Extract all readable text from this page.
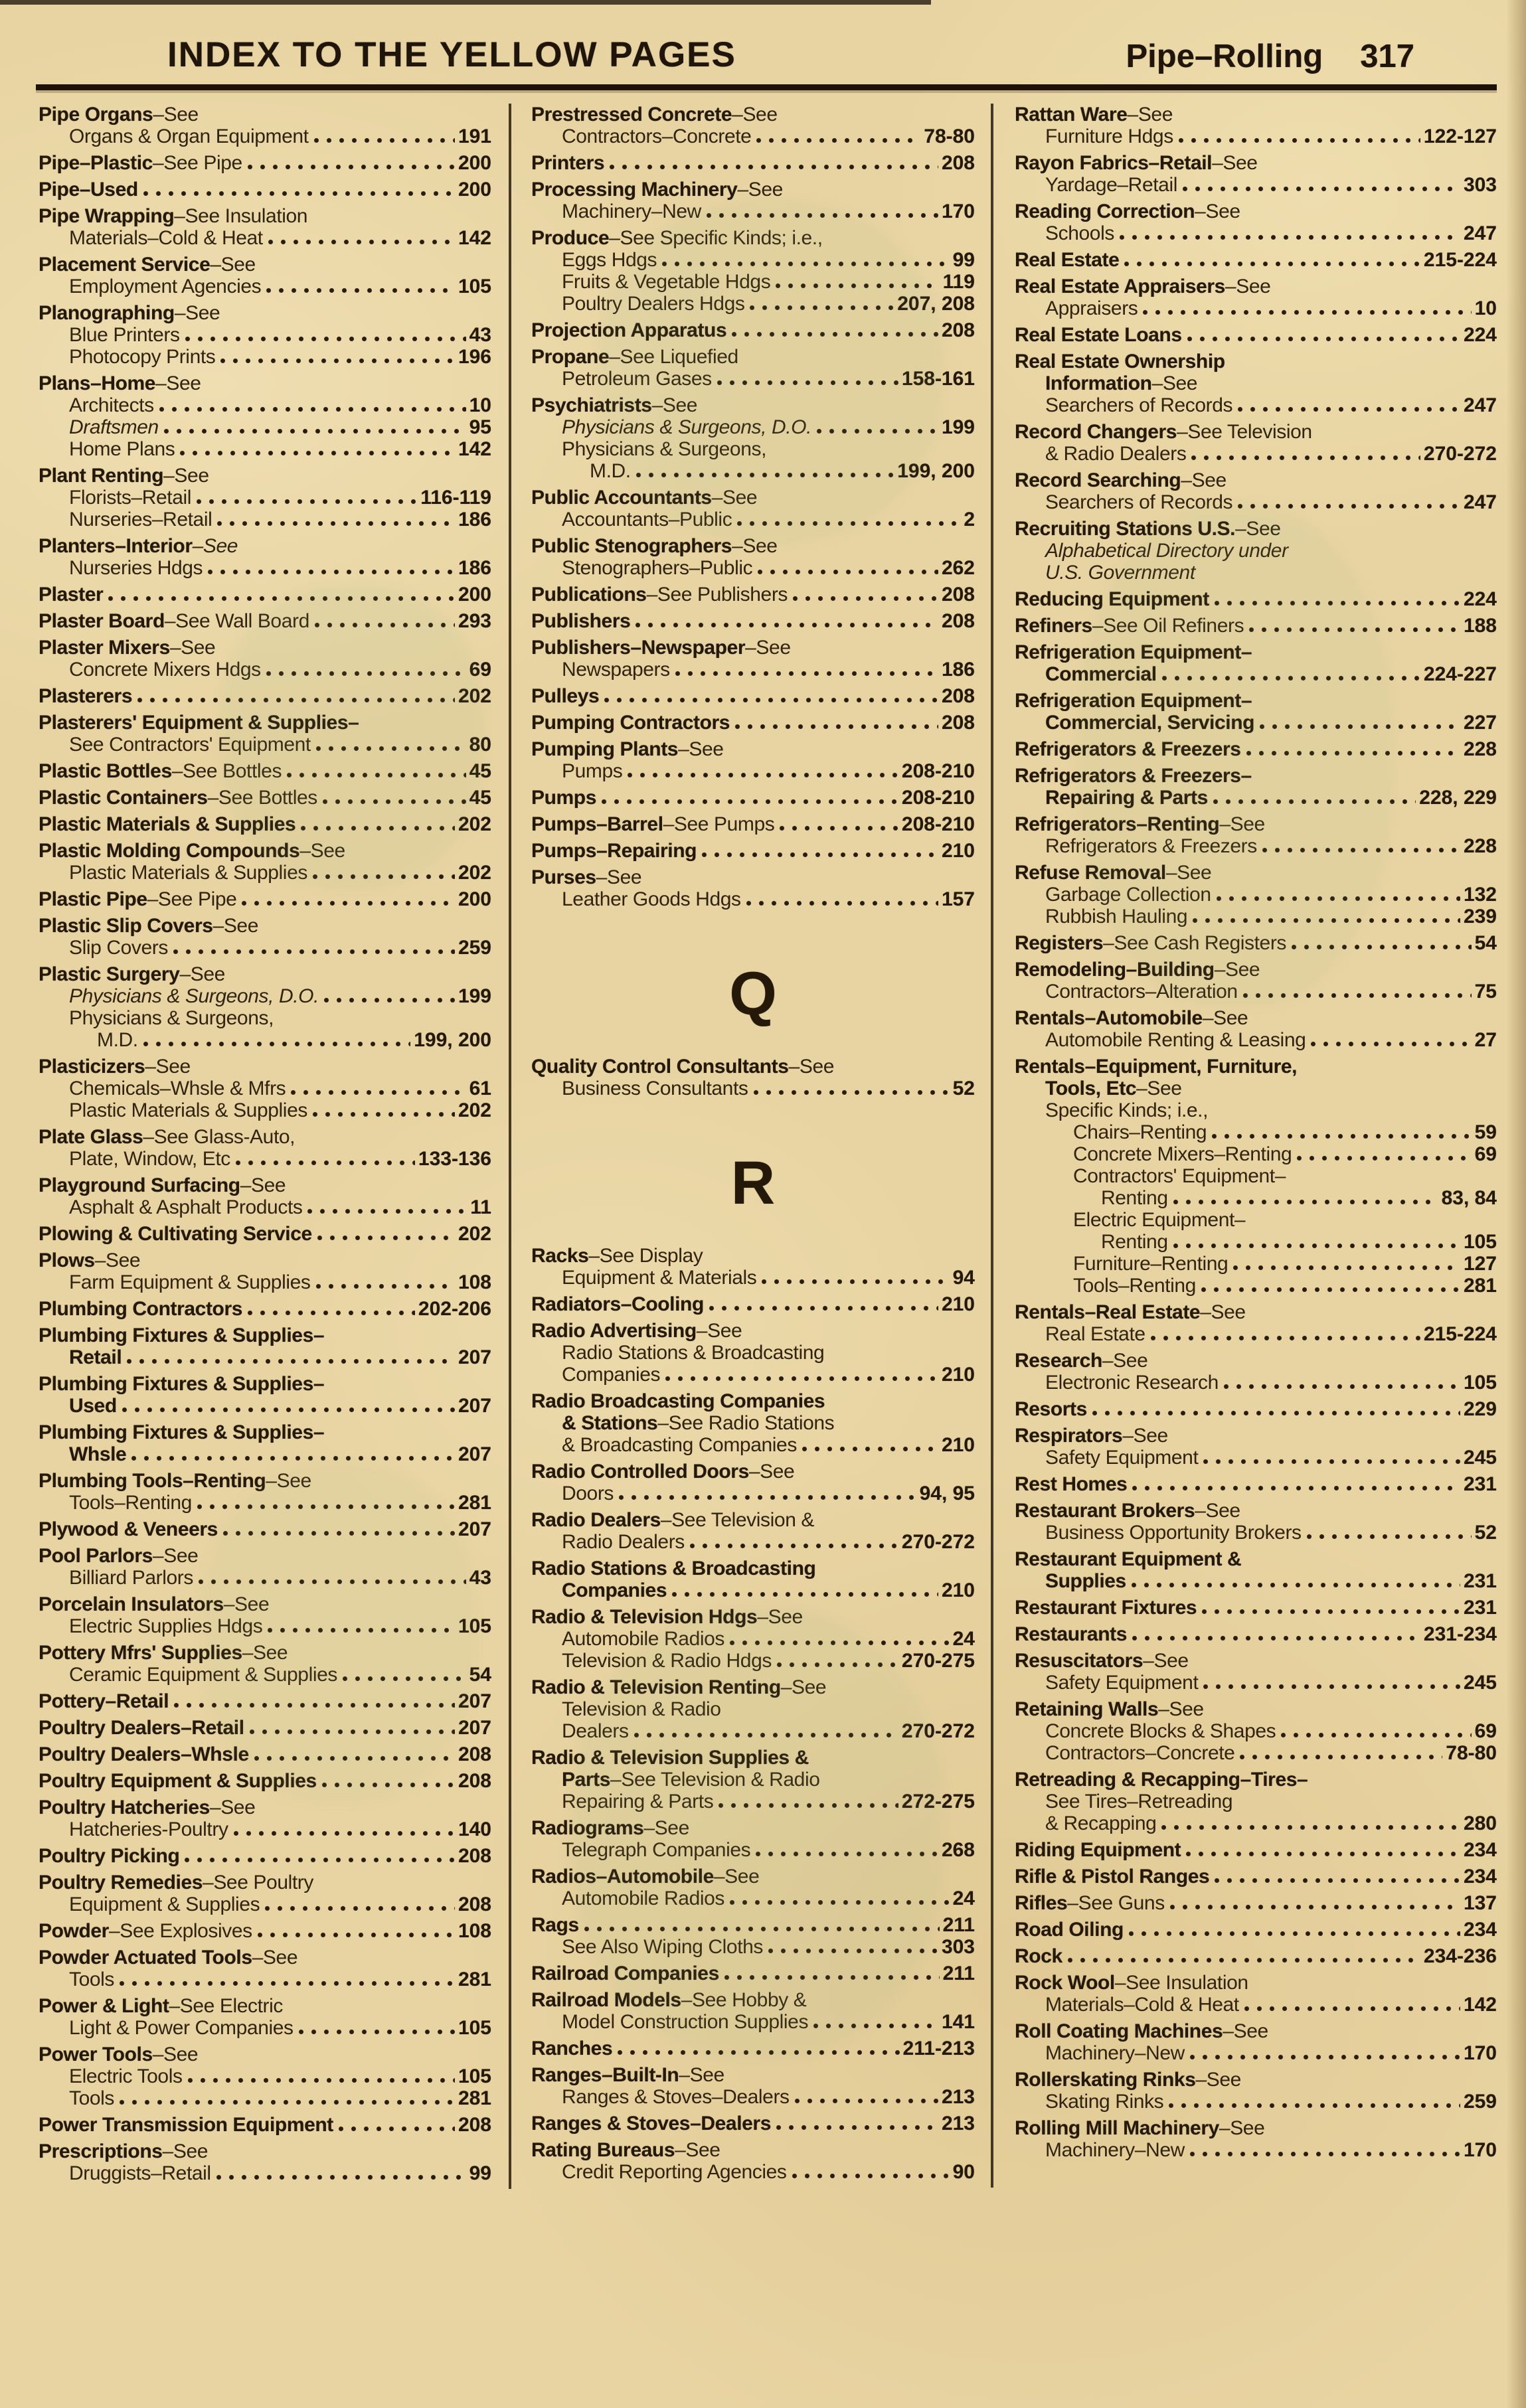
INDEX TO THE YELLOW PAGES	Pipe–Rolling 317
Pipe Organs–See
Organs & Organ Equipment	191
Pipe–Plastic–See Pipe	200
Pipe–Used	200
Pipe Wrapping–See Insulation
Materials–Cold & Heat	142
Placement Service–See
Employment Agencies	105
Planographing–See
Blue Printers	43
Photocopy Prints	196
Plans–Home–See
Architects	10
Draftsmen	95
Home Plans	142
Plant Renting–See
Florists–Retail	116-119
Nurseries–Retail	186
Planters–Interior–See
Nurseries Hdgs	186
Plaster	200
Plaster Board–See Wall Board	293
Plaster Mixers–See
Concrete Mixers Hdgs	69
Plasterers	202
Plasterers' Equipment & Supplies–
See Contractors' Equipment	80
Plastic Bottles–See Bottles	45
Plastic Containers–See Bottles	45
Plastic Materials & Supplies	202
Plastic Molding Compounds–See
Plastic Materials & Supplies	202
Plastic Pipe–See Pipe	200
Plastic Slip Covers–See
Slip Covers	259
Plastic Surgery–See
Physicians & Surgeons, D.O.	199
Physicians & Surgeons,
M.D.	199, 200
Plasticizers–See
Chemicals–Whsle & Mfrs	61
Plastic Materials & Supplies	202
Plate Glass–See Glass-Auto,
Plate, Window, Etc	133-136
Playground Surfacing–See
Asphalt & Asphalt Products	11
Plowing & Cultivating Service	202
Plows–See
Farm Equipment & Supplies	108
Plumbing Contractors	202-206
Plumbing Fixtures & Supplies–
Retail	207
Plumbing Fixtures & Supplies–
Used	207
Plumbing Fixtures & Supplies–
Whsle	207
Plumbing Tools–Renting–See
Tools–Renting	281
Plywood & Veneers	207
Pool Parlors–See
Billiard Parlors	43
Porcelain Insulators–See
Electric Supplies Hdgs	105
Pottery Mfrs' Supplies–See
Ceramic Equipment & Supplies	54
Pottery–Retail	207
Poultry Dealers–Retail	207
Poultry Dealers–Whsle	208
Poultry Equipment & Supplies	208
Poultry Hatcheries–See
Hatcheries-Poultry	140
Poultry Picking	208
Poultry Remedies–See Poultry
Equipment & Supplies	208
Powder–See Explosives	108
Powder Actuated Tools–See
Tools	281
Power & Light–See Electric
Light & Power Companies	105
Power Tools–See
Electric Tools	105
Tools	281
Power Transmission Equipment	208
Prescriptions–See
Druggists–Retail	99
Prestressed Concrete–See
Contractors–Concrete	78-80
Printers	208
Processing Machinery–See
Machinery–New	170
Produce–See Specific Kinds; i.e.,
Eggs Hdgs	99
Fruits & Vegetable Hdgs	119
Poultry Dealers Hdgs	207, 208
Projection Apparatus	208
Propane–See Liquefied
Petroleum Gases	158-161
Psychiatrists–See
Physicians & Surgeons, D.O.	199
Physicians & Surgeons,
M.D.	199, 200
Public Accountants–See
Accountants–Public	2
Public Stenographers–See
Stenographers–Public	262
Publications–See Publishers	208
Publishers	208
Publishers–Newspaper–See
Newspapers	186
Pulleys	208
Pumping Contractors	208
Pumping Plants–See
Pumps	208-210
Pumps	208-210
Pumps–Barrel–See Pumps	208-210
Pumps–Repairing	210
Purses–See
Leather Goods Hdgs	157
Q
Quality Control Consultants–See
Business Consultants	52
R
Racks–See Display
Equipment & Materials	94
Radiators–Cooling	210
Radio Advertising–See
Radio Stations & Broadcasting
Companies	210
Radio Broadcasting Companies
& Stations–See Radio Stations
& Broadcasting Companies	210
Radio Controlled Doors–See
Doors	94, 95
Radio Dealers–See Television &
Radio Dealers	270-272
Radio Stations & Broadcasting
Companies	210
Radio & Television Hdgs–See
Automobile Radios	24
Television & Radio Hdgs	270-275
Radio & Television Renting–See
Television & Radio
Dealers	270-272
Radio & Television Supplies &
Parts–See Television & Radio
Repairing & Parts	272-275
Radiograms–See
Telegraph Companies	268
Radios–Automobile–See
Automobile Radios	24
Rags	211
See Also Wiping Cloths	303
Railroad Companies	211
Railroad Models–See Hobby &
Model Construction Supplies	141
Ranches	211-213
Ranges–Built-In–See
Ranges & Stoves–Dealers	213
Ranges & Stoves–Dealers	213
Rating Bureaus–See
Credit Reporting Agencies	90
Rattan Ware–See
Furniture Hdgs	122-127
Rayon Fabrics–Retail–See
Yardage–Retail	303
Reading Correction–See
Schools	247
Real Estate	215-224
Real Estate Appraisers–See
Appraisers	10
Real Estate Loans	224
Real Estate Ownership
Information–See
Searchers of Records	247
Record Changers–See Television
& Radio Dealers	270-272
Record Searching–See
Searchers of Records	247
Recruiting Stations U.S.–See
Alphabetical Directory under
U.S. Government
Reducing Equipment	224
Refiners–See Oil Refiners	188
Refrigeration Equipment–
Commercial	224-227
Refrigeration Equipment–
Commercial, Servicing	227
Refrigerators & Freezers	228
Refrigerators & Freezers–
Repairing & Parts	228, 229
Refrigerators–Renting–See
Refrigerators & Freezers	228
Refuse Removal–See
Garbage Collection	132
Rubbish Hauling	239
Registers–See Cash Registers	54
Remodeling–Building–See
Contractors–Alteration	75
Rentals–Automobile–See
Automobile Renting & Leasing	27
Rentals–Equipment, Furniture,
Tools, Etc–See
Specific Kinds; i.e.,
Chairs–Renting	59
Concrete Mixers–Renting	69
Contractors' Equipment–
Renting	83, 84
Electric Equipment–
Renting	105
Furniture–Renting	127
Tools–Renting	281
Rentals–Real Estate–See
Real Estate	215-224
Research–See
Electronic Research	105
Resorts	229
Respirators–See
Safety Equipment	245
Rest Homes	231
Restaurant Brokers–See
Business Opportunity Brokers	52
Restaurant Equipment &
Supplies	231
Restaurant Fixtures	231
Restaurants	231-234
Resuscitators–See
Safety Equipment	245
Retaining Walls–See
Concrete Blocks & Shapes	69
Contractors–Concrete	78-80
Retreading & Recapping–Tires–
See Tires–Retreading
& Recapping	280
Riding Equipment	234
Rifle & Pistol Ranges	234
Rifles–See Guns	137
Road Oiling	234
Rock	234-236
Rock Wool–See Insulation
Materials–Cold & Heat	142
Roll Coating Machines–See
Machinery–New	170
Rollerskating Rinks–See
Skating Rinks	259
Rolling Mill Machinery–See
Machinery–New	170
